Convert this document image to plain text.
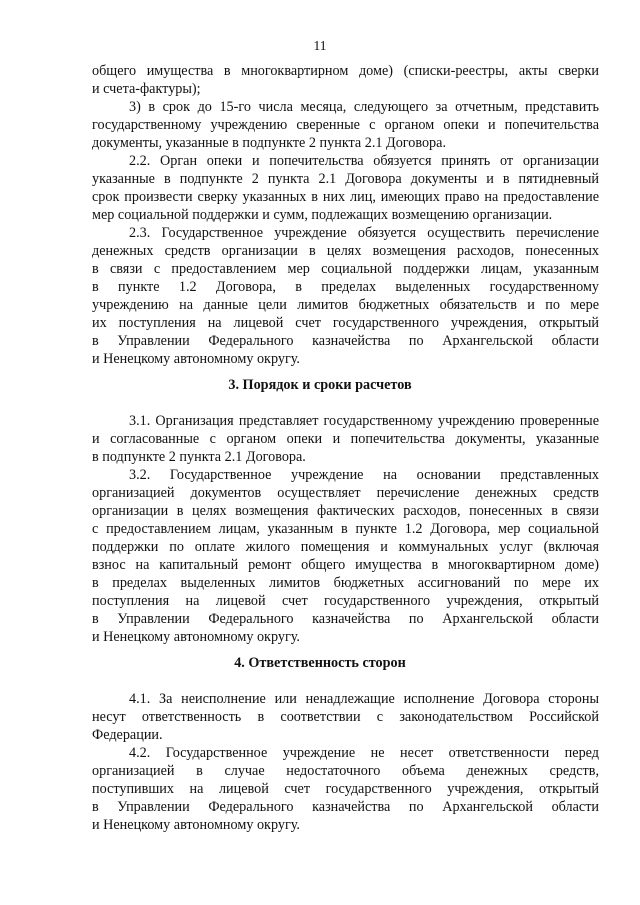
11

общего имущества в многоквартирном доме) (списки-реестры, акты сверки
и счета-фактуры);
3) в срок до 15-го числа месяца, следующего за отчетным, представить
государственному учреждению сверенные с органом опеки и попечительства
документы, указанные в подпункте 2 пункта 2.1 Договора.
2.2. Орган опеки и попечительства обязуется принять от организации
указанные в подпункте 2 пункта 2.1 Договора документы и в пятидневный
срок произвести сверку указанных в них лиц, имеющих право на предоставление
мер социальной поддержки и сумм, подлежащих возмещению организации.
2.3. Государственное учреждение обязуется осуществить перечисление
денежных средств организации в целях возмещения расходов, понесенных
в связи с предоставлением мер социальной поддержки лицам, указанным
в пункте 1.2 Договора, в пределах выделенных государственному
учреждению на данные цели лимитов бюджетных обязательств и по мере
их поступления на лицевой счет государственного учреждения, открытый
в Управлении Федерального казначейства по Архангельской области
и Ненецкому автономному округу.
3. Порядок и сроки расчетов
3.1. Организация представляет государственному учреждению проверенные
и согласованные с органом опеки и попечительства документы, указанные
в подпункте 2 пункта 2.1 Договора.
3.2. Государственное учреждение на основании представленных
организацией документов осуществляет перечисление денежных средств
организации в целях возмещения фактических расходов, понесенных в связи
с предоставлением лицам, указанным в пункте 1.2 Договора, мер социальной
поддержки по оплате жилого помещения и коммунальных услуг (включая
взнос на капитальный ремонт общего имущества в многоквартирном доме)
в пределах выделенных лимитов бюджетных ассигнований по мере их
поступления на лицевой счет государственного учреждения, открытый
в Управлении Федерального казначейства по Архангельской области
и Ненецкому автономному округу.
4. Ответственность сторон
4.1. За неисполнение или ненадлежащие исполнение Договора стороны
несут ответственность в соответствии с законодательством Российской
Федерации.
4.2. Государственное учреждение не несет ответственности перед
организацией в случае недостаточного объема денежных средств,
поступивших на лицевой счет государственного учреждения, открытый
в Управлении Федерального казначейства по Архангельской области
и Ненецкому автономному округу.
